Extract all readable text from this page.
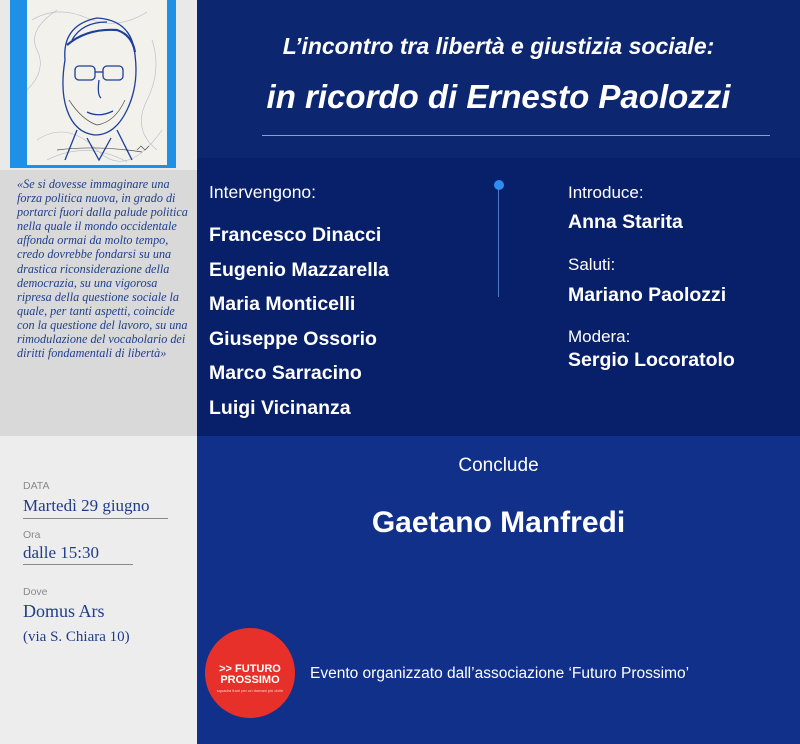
«Se si dovesse immaginare una forza politica nuova, in grado di portarci fuori dalla palude politica nella quale il mondo occidentale affonda ormai da molto tempo, credo dovrebbe fondarsi su una drastica riconsiderazione della democrazia, su una vigorosa ripresa della questione sociale la quale, per tanti aspetti, coincide con la questione del lavoro, su una rimodulazione del vocabolario dei diritti fondamentali di libertà»

DATA
Martedì 29 giugno
Ora
dalle 15:30
Dove
Domus Ars
(via S. Chiara 10)
L’incontro tra libertà e giustizia sociale:
in ricordo di Ernesto Paolozzi
Intervengono:
Francesco Dinacci
Eugenio Mazzarella
Maria Monticelli
Giuseppe Ossorio
Marco Sarracino
Luigi Vicinanza
Introduce:
Anna Starita
Saluti:
Mariano Paolozzi
Modera:
Sergio Locoratolo
Conclude
Gaetano Manfredi
>> FUTURO
PROSSIMO
squadra fuori per un domani più civile
Evento organizzato dall’associazione ‘Futuro Prossimo’
